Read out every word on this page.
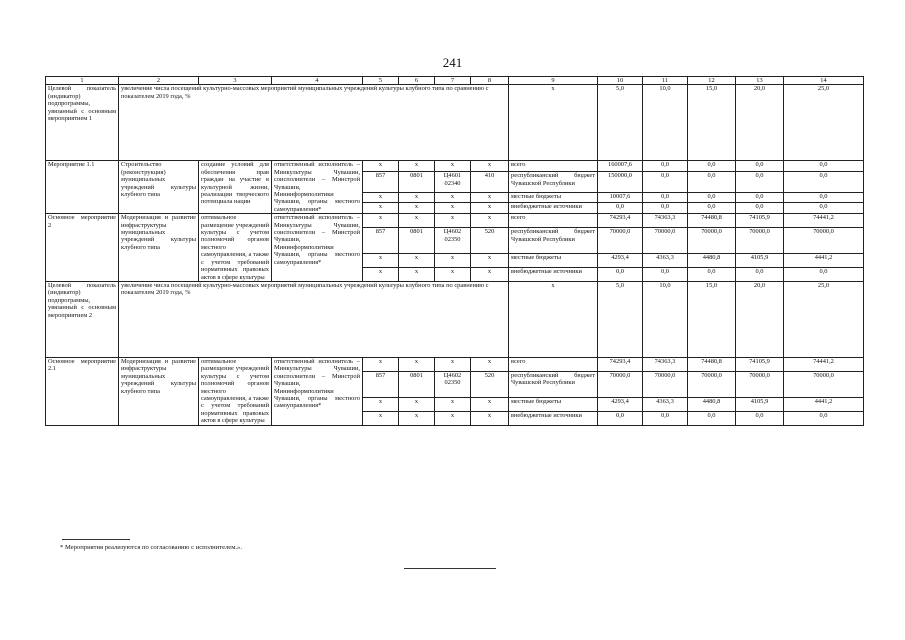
241
1	2	3	4	5	6	7	8	9	10	11	12	13	14
Целевой показатель (индикатор) подпрограммы, увязанный с основным мероприятием 1	увеличение числа посещений культурно-массовых мероприятий муниципальных учреждений культуры клубного типа по сравнению с показателем 2019 года, %							х	5,0	10,0	15,0	20,0	25,0
Мероприятие 1.1	Строительство (реконструкция) муниципальных учреждений культуры клубного типа	создание условий для обеспечения прав граждан на участие в культурной жизни, реализации творческого потенциала нации	ответственный исполнитель – Минкультуры Чувашии, соисполнители – Минстрой Чувашии, Мининформполитики Чувашии, органы местного самоуправления*	х	х	х	х	всего	160007,6	0,0	0,0	0,0	0,0
				857	0801	Ц4601 02340	410	республиканский бюджет Чувашской Республики	150000,0	0,0	0,0	0,0	0,0
				х	х	х	х	местные бюджеты	10007,6	0,0	0,0	0,0	0,0
				х	х	х	х	внебюджетные источники	0,0	0,0	0,0	0,0	0,0
Основное мероприятие 2	Модернизация и развитие инфраструктуры муниципальных учреждений культуры клубного типа	оптимальное размещение учреждений культуры с учетом полномочий органов местного самоуправления, а также с учетом требований нормативных правовых актов в сфере культуры	ответственный исполнитель – Минкультуры Чувашии, соисполнители – Минстрой Чувашии, Мининформполитики Чувашии, органы местного самоуправления*	х	х	х	х	всего	74293,4	74363,3	74480,8	74105,9	74441,2
				857	0801	Ц4602 02350	520	республиканский бюджет Чувашской Республики	70000,0	70000,0	70000,0	70000,0	70000,0
				х	х	х	х	местные бюджеты	4293,4	4363,3	4480,8	4105,9	4441,2
				х	х	х	х	внебюджетные источники	0,0	0,0	0,0	0,0	0,0
Целевой показатель (индикатор) подпрограммы, увязанный с основным мероприятием 2	увеличение числа посещений культурно-массовых мероприятий муниципальных учреждений культуры клубного типа по сравнению с показателем 2019 года, %							х	5,0	10,0	15,0	20,0	25,0
Основное мероприятие 2.1	Модернизация и развитие инфраструктуры муниципальных учреждений культуры клубного типа	оптимальное размещение учреждений культуры с учетом полномочий органов местного самоуправления, а также с учетом требований нормативных правовых актов в сфере культуры	ответственный исполнитель – Минкультуры Чувашии, соисполнители – Минстрой Чувашии, Мининформполитики Чувашии, органы местного самоуправления*	х	х	х	х	всего	74293,4	74363,3	74480,8	74105,9	74441,2
				857	0801	Ц4602 02350	520	республиканский бюджет Чувашской Республики	70000,0	70000,0	70000,0	70000,0	70000,0
				х	х	х	х	местные бюджеты	4293,4	4363,3	4480,8	4105,9	4441,2
				х	х	х	х	внебюджетные источники	0,0	0,0	0,0	0,0	0,0
* Мероприятия реализуются по согласованию с исполнителем.».
